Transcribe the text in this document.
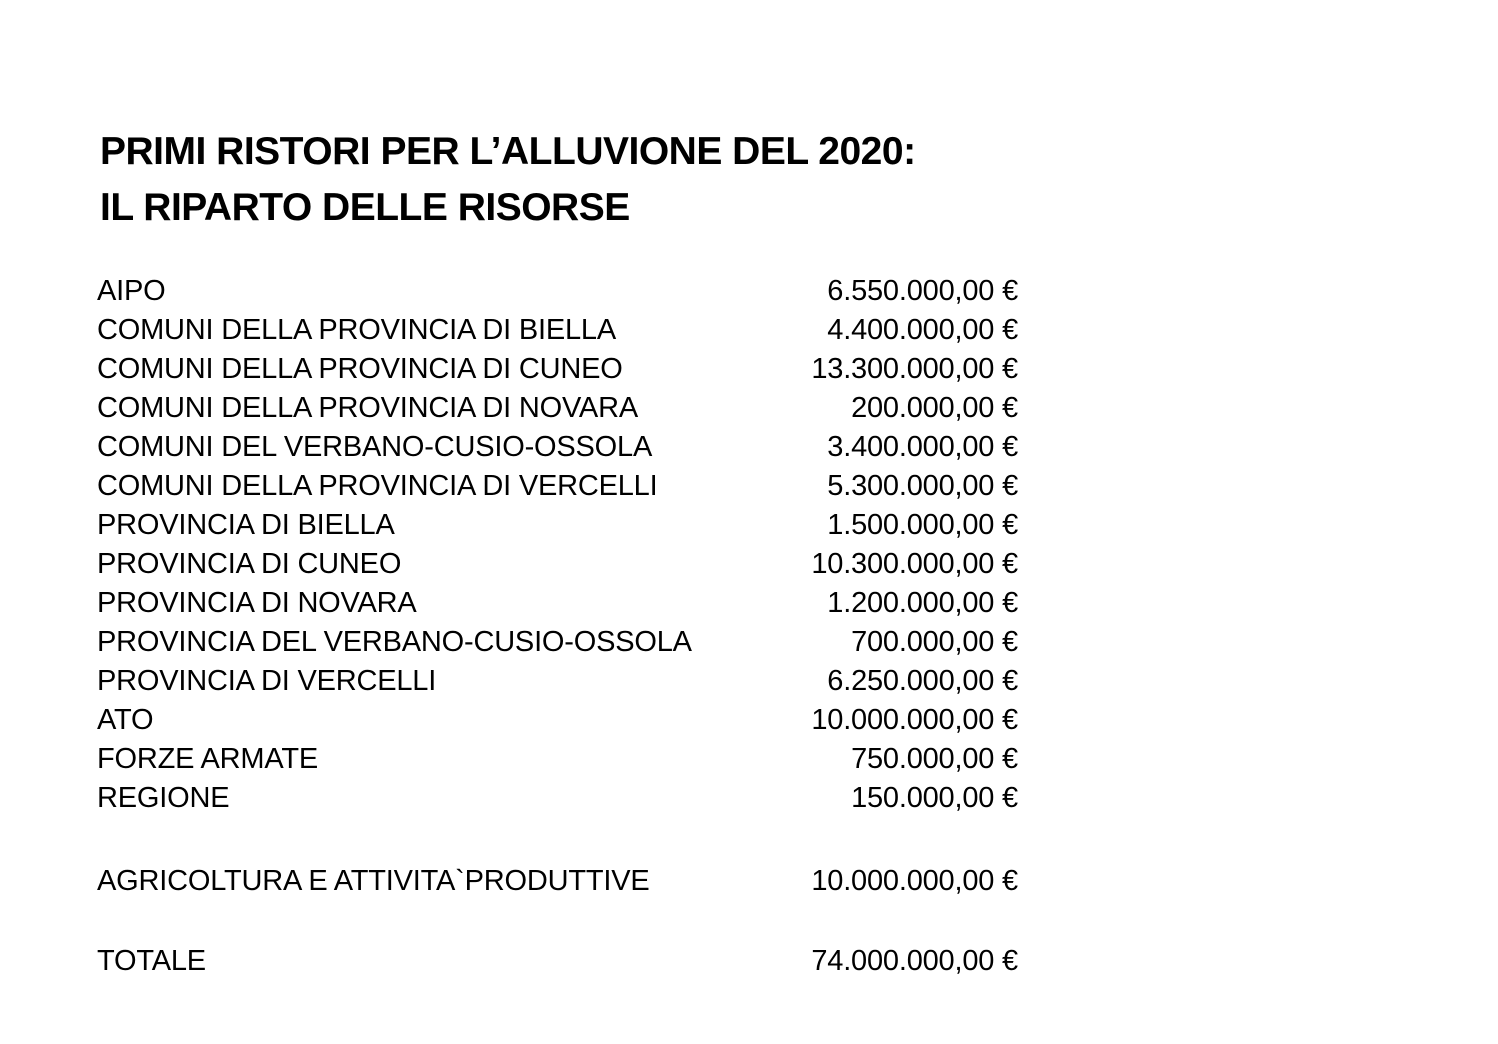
PRIMI RISTORI PER L’ALLUVIONE DEL 2020:
IL RIPARTO DELLE RISORSE
AIPO	6.550.000,00 €
COMUNI DELLA PROVINCIA DI BIELLA	4.400.000,00 €
COMUNI DELLA PROVINCIA DI CUNEO	13.300.000,00 €
COMUNI DELLA PROVINCIA DI NOVARA	200.000,00 €
COMUNI DEL VERBANO-CUSIO-OSSOLA	3.400.000,00 €
COMUNI DELLA PROVINCIA DI VERCELLI	5.300.000,00 €
PROVINCIA DI BIELLA	1.500.000,00 €
PROVINCIA DI CUNEO	10.300.000,00 €
PROVINCIA DI NOVARA	1.200.000,00 €
PROVINCIA DEL VERBANO-CUSIO-OSSOLA	700.000,00 €
PROVINCIA DI VERCELLI	6.250.000,00 €
ATO	10.000.000,00 €
FORZE ARMATE	750.000,00 €
REGIONE	150.000,00 €
AGRICOLTURA E ATTIVITA`PRODUTTIVE	10.000.000,00 €
TOTALE	74.000.000,00 €
